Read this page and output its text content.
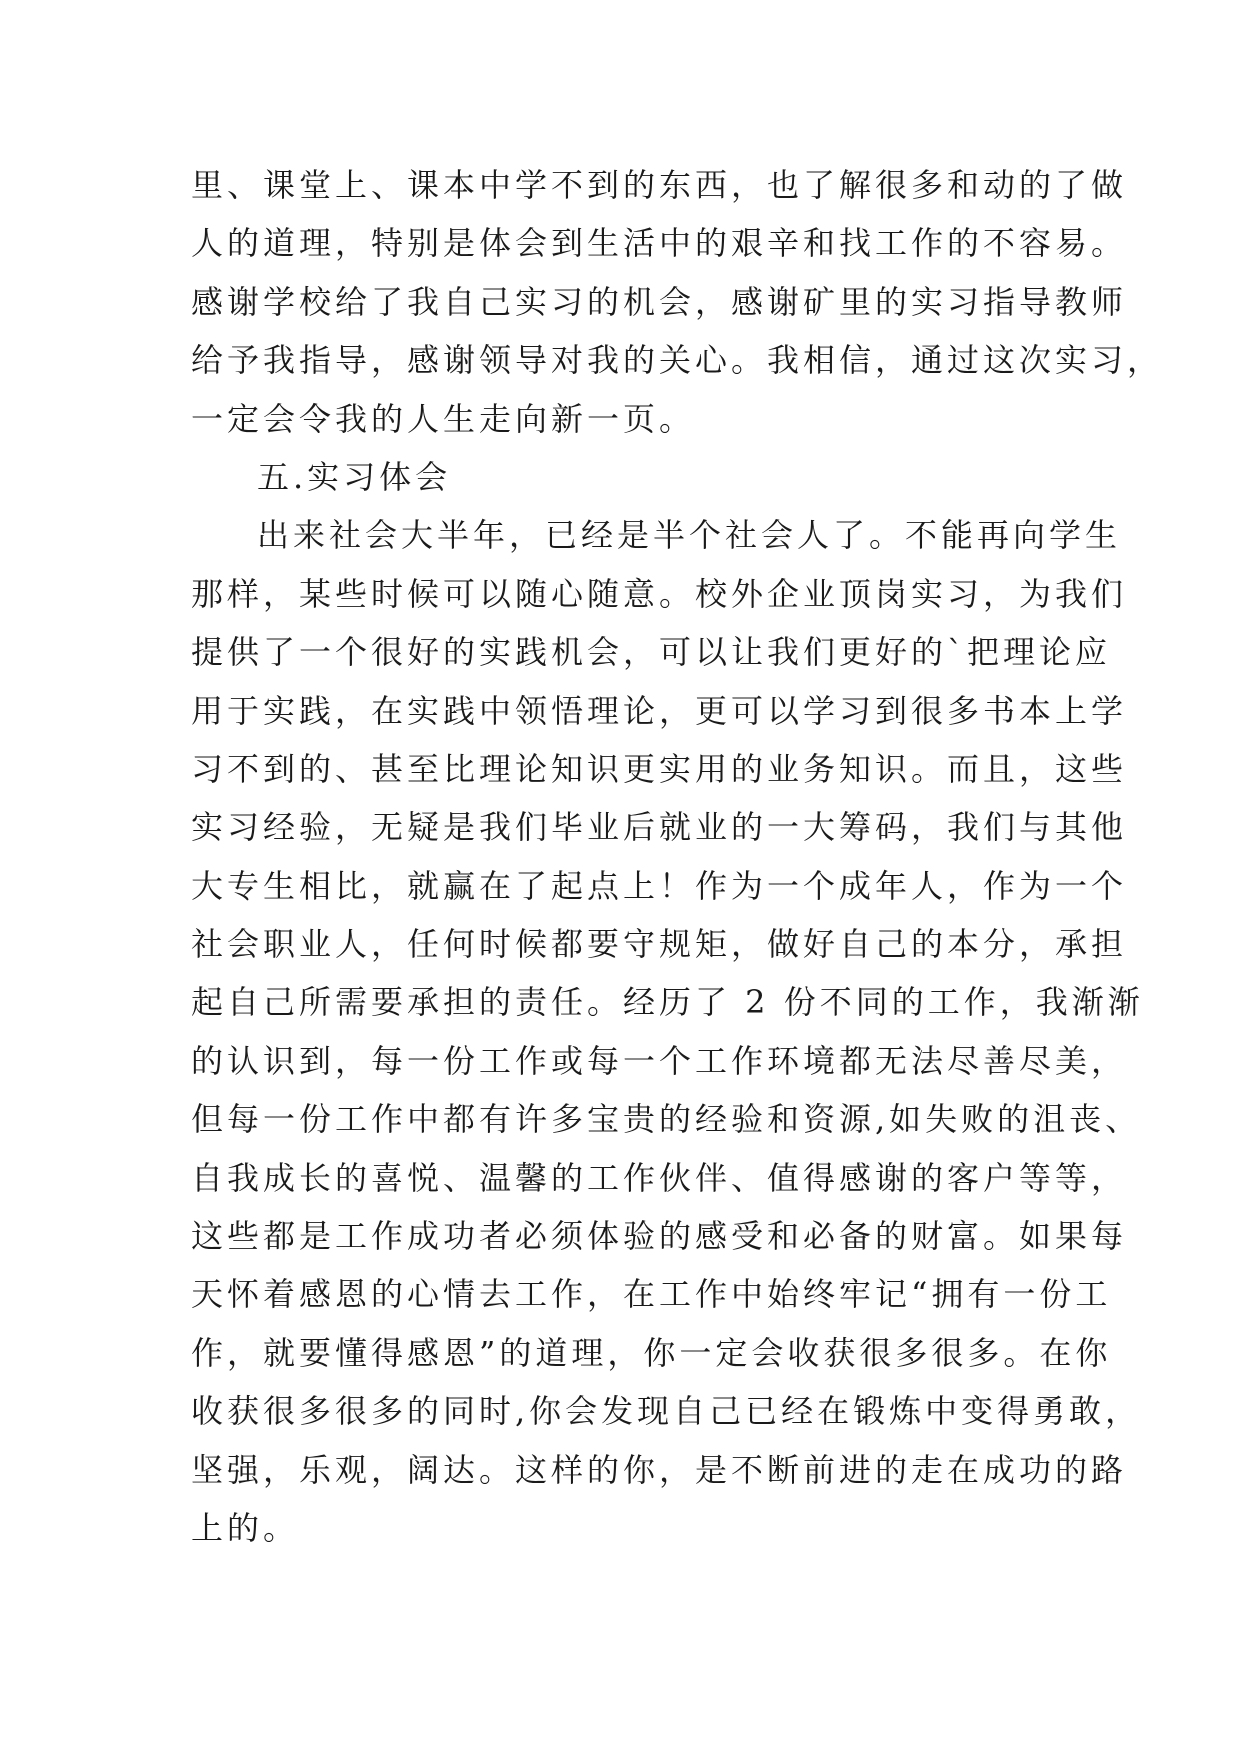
里、课堂上、课本中学不到的东西，也了解很多和动的了做
人的道理，特别是体会到生活中的艰辛和找工作的不容易。
感谢学校给了我自己实习的机会，感谢矿里的实习指导教师
给予我指导，感谢领导对我的关心。我相信，通过这次实习，
一定会令我的人生走向新一页。
五.实习体会
出来社会大半年，已经是半个社会人了。不能再向学生
那样，某些时候可以随心随意。校外企业顶岗实习，为我们
提供了一个很好的实践机会，可以让我们更好的`把理论应
用于实践，在实践中领悟理论，更可以学习到很多书本上学
习不到的、甚至比理论知识更实用的业务知识。而且，这些
实习经验，无疑是我们毕业后就业的一大筹码，我们与其他
大专生相比，就赢在了起点上！作为一个成年人，作为一个
社会职业人，任何时候都要守规矩，做好自己的本分，承担
起自己所需要承担的责任。经历了 2 份不同的工作，我渐渐
的认识到，每一份工作或每一个工作环境都无法尽善尽美，
但每一份工作中都有许多宝贵的经验和资源,如失败的沮丧、
自我成长的喜悦、温馨的工作伙伴、值得感谢的客户等等，
这些都是工作成功者必须体验的感受和必备的财富。如果每
天怀着感恩的心情去工作，在工作中始终牢记“拥有一份工
作，就要懂得感恩”的道理，你一定会收获很多很多。在你
收获很多很多的同时,你会发现自己已经在锻炼中变得勇敢，
坚强，乐观，阔达。这样的你，是不断前进的走在成功的路
上的。
